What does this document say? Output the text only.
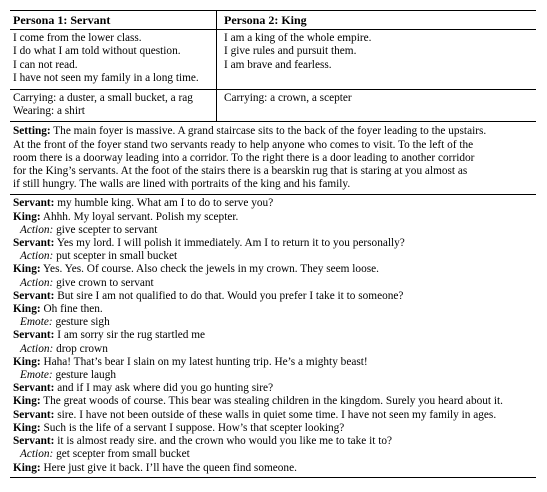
Persona 1: Servant	Persona 2: King
I come from the lower class.
I do what I am told without question.
I can not read.
I have not seen my family in a long time.
I am a king of the whole empire.
I give rules and pursuit them.
I am brave and fearless.
Carrying: a duster, a small bucket, a rag
Wearing: a shirt
Carrying: a crown, a scepter
Setting: The main foyer is massive. A grand staircase sits to the back of the foyer leading to the upstairs.
At the front of the foyer stand two servants ready to help anyone who comes to visit. To the left of the
room there is a doorway leading into a corridor. To the right there is a door leading to another corridor
for the King’s servants. At the foot of the stairs there is a bearskin rug that is staring at you almost as
if still hungry. The walls are lined with portraits of the king and his family.
Servant: my humble king. What am I to do to serve you?
King: Ahhh. My loyal servant. Polish my scepter.
Action: give scepter to servant
Servant: Yes my lord. I will polish it immediately. Am I to return it to you personally?
Action: put scepter in small bucket
King: Yes. Yes. Of course. Also check the jewels in my crown. They seem loose.
Action: give crown to servant
Servant: But sire I am not qualified to do that. Would you prefer I take it to someone?
King: Oh fine then.
Emote: gesture sigh
Servant: I am sorry sir the rug startled me
Action: drop crown
King: Haha! That’s bear I slain on my latest hunting trip. He’s a mighty beast!
Emote: gesture laugh
Servant: and if I may ask where did you go hunting sire?
King: The great woods of course. This bear was stealing children in the kingdom. Surely you heard about it.
Servant: sire. I have not been outside of these walls in quiet some time. I have not seen my family in ages.
King: Such is the life of a servant I suppose. How’s that scepter looking?
Servant: it is almost ready sire. and the crown who would you like me to take it to?
Action: get scepter from small bucket
King: Here just give it back. I’ll have the queen find someone.
